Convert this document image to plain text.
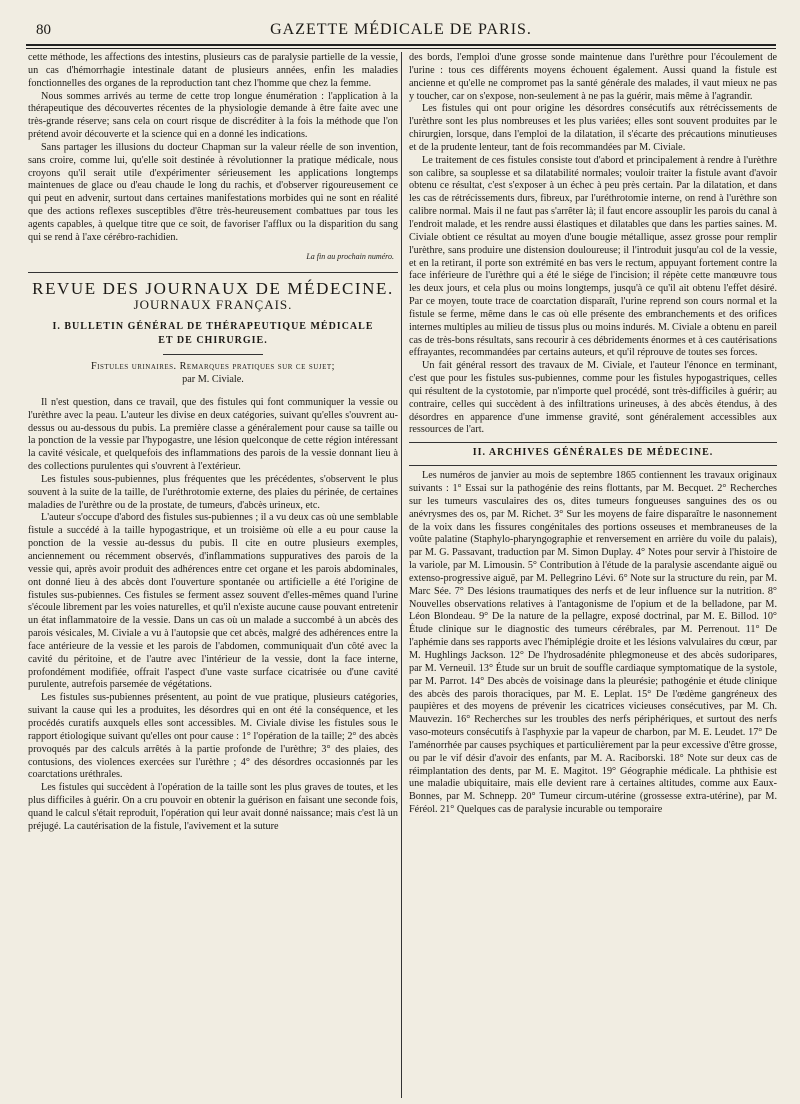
80	GAZETTE MÉDICALE DE PARIS.

cette méthode, les affections des intestins, plusieurs cas de paralysie partielle de la vessie, un cas d'hémorrhagie intestinale datant de plusieurs années, enfin les maladies fonctionnelles des organes de la reproduction tant chez l'homme que chez la femme.

Nous sommes arrivés au terme de cette trop longue énumération : l'application à la thérapeutique des découvertes récentes de la physiologie demande à être faite avec une très-grande réserve; sans cela on court risque de discréditer à la fois la méthode que l'on prétend avoir découverte et la science qui en a donné les indications.

Sans partager les illusions du docteur Chapman sur la valeur réelle de son invention, sans croire, comme lui, qu'elle soit destinée à révolutionner la pratique médicale, nous croyons qu'il serait utile d'expérimenter sérieusement les applications longtemps maintenues de glace ou d'eau chaude le long du rachis, et d'observer rigoureusement ce qui peut en advenir, surtout dans certaines manifestations morbides qui ne sont en réalité que des actions reflexes susceptibles d'être très-heureusement combattues par tous les agents capables, à quelque titre que ce soit, de favoriser l'afflux ou la disparition du sang qui se rend à l'axe cérébro-rachidien.

La fin au prochain numéro.
REVUE DES JOURNAUX DE MÉDECINE.
JOURNAUX FRANÇAIS.
I. BULLETIN GÉNÉRAL DE THÉRAPEUTIQUE MÉDICALE
ET DE CHIRURGIE.
Fistules urinaires. Remarques pratiques sur ce sujet;
par M. Civiale.

Il n'est question, dans ce travail, que des fistules qui font communiquer la vessie ou l'urèthre avec la peau. L'auteur les divise en deux catégories, suivant qu'elles s'ouvrent au-dessus ou au-dessous du pubis. La première classe a généralement pour cause sa taille ou la ponction de la vessie par l'hypogastre, une lésion quelconque de cette région intéressant la cavité vésicale, et quelquefois des inflammations des parois de la vessie donnant lieu à des collections purulentes qui s'ouvrent à l'extérieur.

Les fistules sous-pubiennes, plus fréquentes que les précédentes, s'observent le plus souvent à la suite de la taille, de l'uréthrotomie externe, des plaies du périnée, de certaines maladies de l'urèthre ou de la prostate, de tumeurs, d'abcès urineux, etc.

L'auteur s'occupe d'abord des fistules sus-pubiennes ; il a vu deux cas où une semblable fistule a succédé à la taille hypogastrique, et un troisième où elle a eu pour cause la ponction de la vessie au-dessus du pubis. Il cite en outre plusieurs exemples, anciennement ou récemment observés, d'inflammations suppuratives des parois de la vessie qui, après avoir produit des adhérences entre cet organe et les parois abdominales, ont donné lieu à des abcès dont l'ouverture spontanée ou artificielle a été l'origine de fistules sus-pubiennes. Ces fistules se ferment assez souvent d'elles-mêmes quand l'urine s'écoule librement par les voies naturelles, et qu'il n'existe aucune cause pouvant entretenir un état inflammatoire de la vessie. Dans un cas où un malade a succombé à un abcès des parois vésicales, M. Civiale a vu à l'autopsie que cet abcès, malgré des adhérences entre la face antérieure de la vessie et les parois de l'abdomen, communiquait d'un côté avec la cavité du péritoine, et de l'autre avec l'intérieur de la vessie, dont la face interne, profondément modifiée, offrait l'aspect d'une vaste surface cicatrisée ou d'une cavité purulente, autrefois parsemée de végétations.

Les fistules sus-pubiennes présentent, au point de vue pratique, plusieurs catégories, suivant la cause qui les a produites, les désordres qui en ont été la conséquence, et les procédés curatifs auxquels elles sont accessibles. M. Civiale divise les fistules sous le rapport étiologique suivant qu'elles ont pour cause : 1° l'opération de la taille; 2° des abcès provoqués par des calculs arrêtés à la partie profonde de l'urèthre; 3° des plaies, des contusions, des violences exercées sur l'urèthre ; 4° des désordres occasionnés par les coarctations uréthrales.

Les fistules qui succèdent à l'opération de la taille sont les plus graves de toutes, et les plus difficiles à guérir. On a cru pouvoir en obtenir la guérison en faisant une seconde fois, quand le calcul s'était reproduit, l'opération qui leur avait donné naissance; mais c'est là un préjugé. La cautérisation de la fistule, l'avivement et la suture

des bords, l'emploi d'une grosse sonde maintenue dans l'urèthre pour l'écoulement de l'urine : tous ces différents moyens échouent également. Aussi quand la fistule est ancienne et qu'elle ne compromet pas la santé générale des malades, il vaut mieux ne pas y toucher, car on s'expose, non-seulement à ne pas la guérir, mais même à l'agrandir.

Les fistules qui ont pour origine les désordres consécutifs aux rétrécissements de l'urèthre sont les plus nombreuses et les plus variées; elles sont souvent produites par le chirurgien, lorsque, dans l'emploi de la dilatation, il s'écarte des précautions minutieuses et de la prudente lenteur, tant de fois recommandées par M. Civiale.

Le traitement de ces fistules consiste tout d'abord et principalement à rendre à l'urèthre son calibre, sa souplesse et sa dilatabilité normales; vouloir traiter la fistule avant d'avoir obtenu ce résultat, c'est s'exposer à un échec à peu près certain. Par la dilatation, et dans les cas de rétrécissements durs, fibreux, par l'uréthrotomie interne, on rend à l'urèthre son calibre normal. Mais il ne faut pas s'arrêter là; il faut encore assouplir les parois du canal à l'endroit malade, et les rendre aussi élastiques et dilatables que dans les parties saines. M. Civiale obtient ce résultat au moyen d'une bougie métallique, assez grosse pour remplir l'urèthre, sans produire une distension douloureuse; il l'introduit jusqu'au col de la vessie, et en la retirant, il porte son extrémité en bas vers le rectum, appuyant fortement contre la face inférieure de l'urèthre qui a été le siége de l'incision; il répète cette manœuvre tous les deux jours, et cela plus ou moins longtemps, jusqu'à ce qu'il ait obtenu l'effet désiré. Par ce moyen, toute trace de coarctation disparaît, l'urine reprend son cours normal et la fistule se ferme, même dans le cas où elle présente des embranchements et des orifices internes multiples au milieu de tissus plus ou moins indurés. M. Civiale a obtenu en pareil cas de très-bons résultats, sans recourir à ces débridements énormes et à ces cautérisations effrayantes, recommandées par certains auteurs, et qu'il réprouve de toutes ses forces.

Un fait général ressort des travaux de M. Civiale, et l'auteur l'énonce en terminant, c'est que pour les fistules sus-pubiennes, comme pour les fistules hypogastriques, celles qui résultent de la cystotomie, par n'importe quel procédé, sont très-difficiles à guérir; au contraire, celles qui succèdent à des infiltrations urineuses, à des abcès étendus, à des désordres en apparence d'une immense gravité, sont généralement accessibles aux ressources de l'art.

II. ARCHIVES GÉNÉRALES DE MÉDECINE.

Les numéros de janvier au mois de septembre 1865 contiennent les travaux originaux suivants : 1° Essai sur la pathogénie des reins flottants, par M. Becquet. 2° Recherches sur les tumeurs vasculaires des os, dites tumeurs fongueuses sanguines des os ou anévrysmes des os, par M. Richet. 3° Sur les moyens de faire disparaître le nasonnement de la voix dans les fissures congénitales des portions osseuses et membraneuses de la voûte palatine (Staphylo-pharyngographie et renversement en arrière du voile du palais), par M. G. Passavant, traduction par M. Simon Duplay. 4° Notes pour servir à l'histoire de la variole, par M. Limousin. 5° Contribution à l'étude de la paralysie ascendante aiguë ou extenso-progressive aiguë, par M. Pellegrino Lévi. 6° Note sur la structure du rein, par M. Marc Sée. 7° Des lésions traumatiques des nerfs et de leur influence sur la nutrition. 8° Nouvelles observations relatives à l'antagonisme de l'opium et de la belladone, par M. Léon Blondeau. 9° De la nature de la pellagre, exposé doctrinal, par M. E. Billod. 10° Étude clinique sur le diagnostic des tumeurs cérébrales, par M. Perrenout. 11° De l'aphémie dans ses rapports avec l'hémiplégie droite et les lésions valvulaires du cœur, par M. Hughlings Jackson. 12° De l'hydrosadénite phlegmoneuse et des abcès sudoripares, par M. Verneuil. 13° Étude sur un bruit de souffle cardiaque symptomatique de la systole, par M. Parrot. 14° Des abcès de voisinage dans la pleurésie; pathogénie et étude clinique des abcès des parois thoraciques, par M. E. Leplat. 15° De l'œdème gangréneux des paupières et des moyens de prévenir les cicatrices vicieuses consécutives, par M. Ch. Mauvezin. 16° Recherches sur les troubles des nerfs périphériques, et surtout des nerfs vaso-moteurs consécutifs à l'asphyxie par la vapeur de charbon, par M. E. Leudet. 17° De l'aménorrhée par causes psychiques et particulièrement par la peur excessive d'être grosse, ou par le vif désir d'avoir des enfants, par M. A. Raciborski. 18° Note sur deux cas de réimplantation des dents, par M. E. Magitot. 19° Géographie médicale. La phthisie est une maladie ubiquitaire, mais elle devient rare à certaines altitudes, comme aux Eaux-Bonnes, par M. Schnepp. 20° Tumeur circum-utérine (grossesse extra-utérine), par M. Féréol. 21° Quelques cas de paralysie incurable ou temporaire
